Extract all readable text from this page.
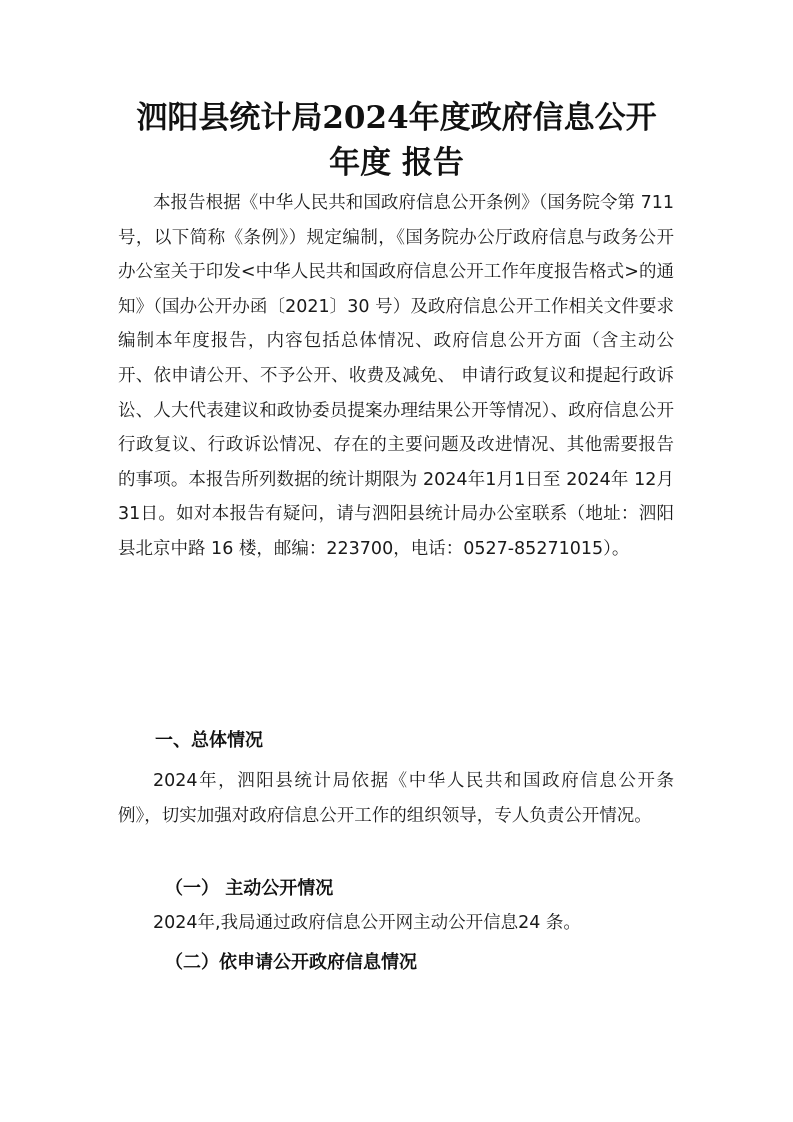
泗阳县统计局2024年度政府信息公开
年度 报告

本报告根据《中华人民共和国政府信息公开条例》（国务院令第 711 号，以下简称《条例》）规定编制，《国务院办公厅政府信息与政务公开办公室关于印发<中华人民共和国政府信息公开工作年度报告格式>的通知》（国办公开办函〔2021〕30 号）及政府信息公开工作相关文件要求编制本年度报告，内容包括总体情况、政府信息公开方面（含主动公开、依申请公开、不予公开、收费及减免、 申请行政复议和提起行政诉讼、人大代表建议和政协委员提案办理结果公开等情况）、政府信息公开行政复议、行政诉讼情况、存在的主要问题及改进情况、其他需要报告的事项。本报告所列数据的统计期限为 2024年1月1日至 2024年 12月31日。如对本报告有疑问，请与泗阳县统计局办公室联系（地址：泗阳县北京中路 16 楼，邮编：223700，电话：0527-85271015）。

一、总体情况

2024年，泗阳县统计局依据《中华人民共和国政府信息公开条例》，切实加强对政府信息公开工作的组织领导，专人负责公开情况。

（一） 主动公开情况

2024年,我局通过政府信息公开网主动公开信息24 条。

（二）依申请公开政府信息情况
